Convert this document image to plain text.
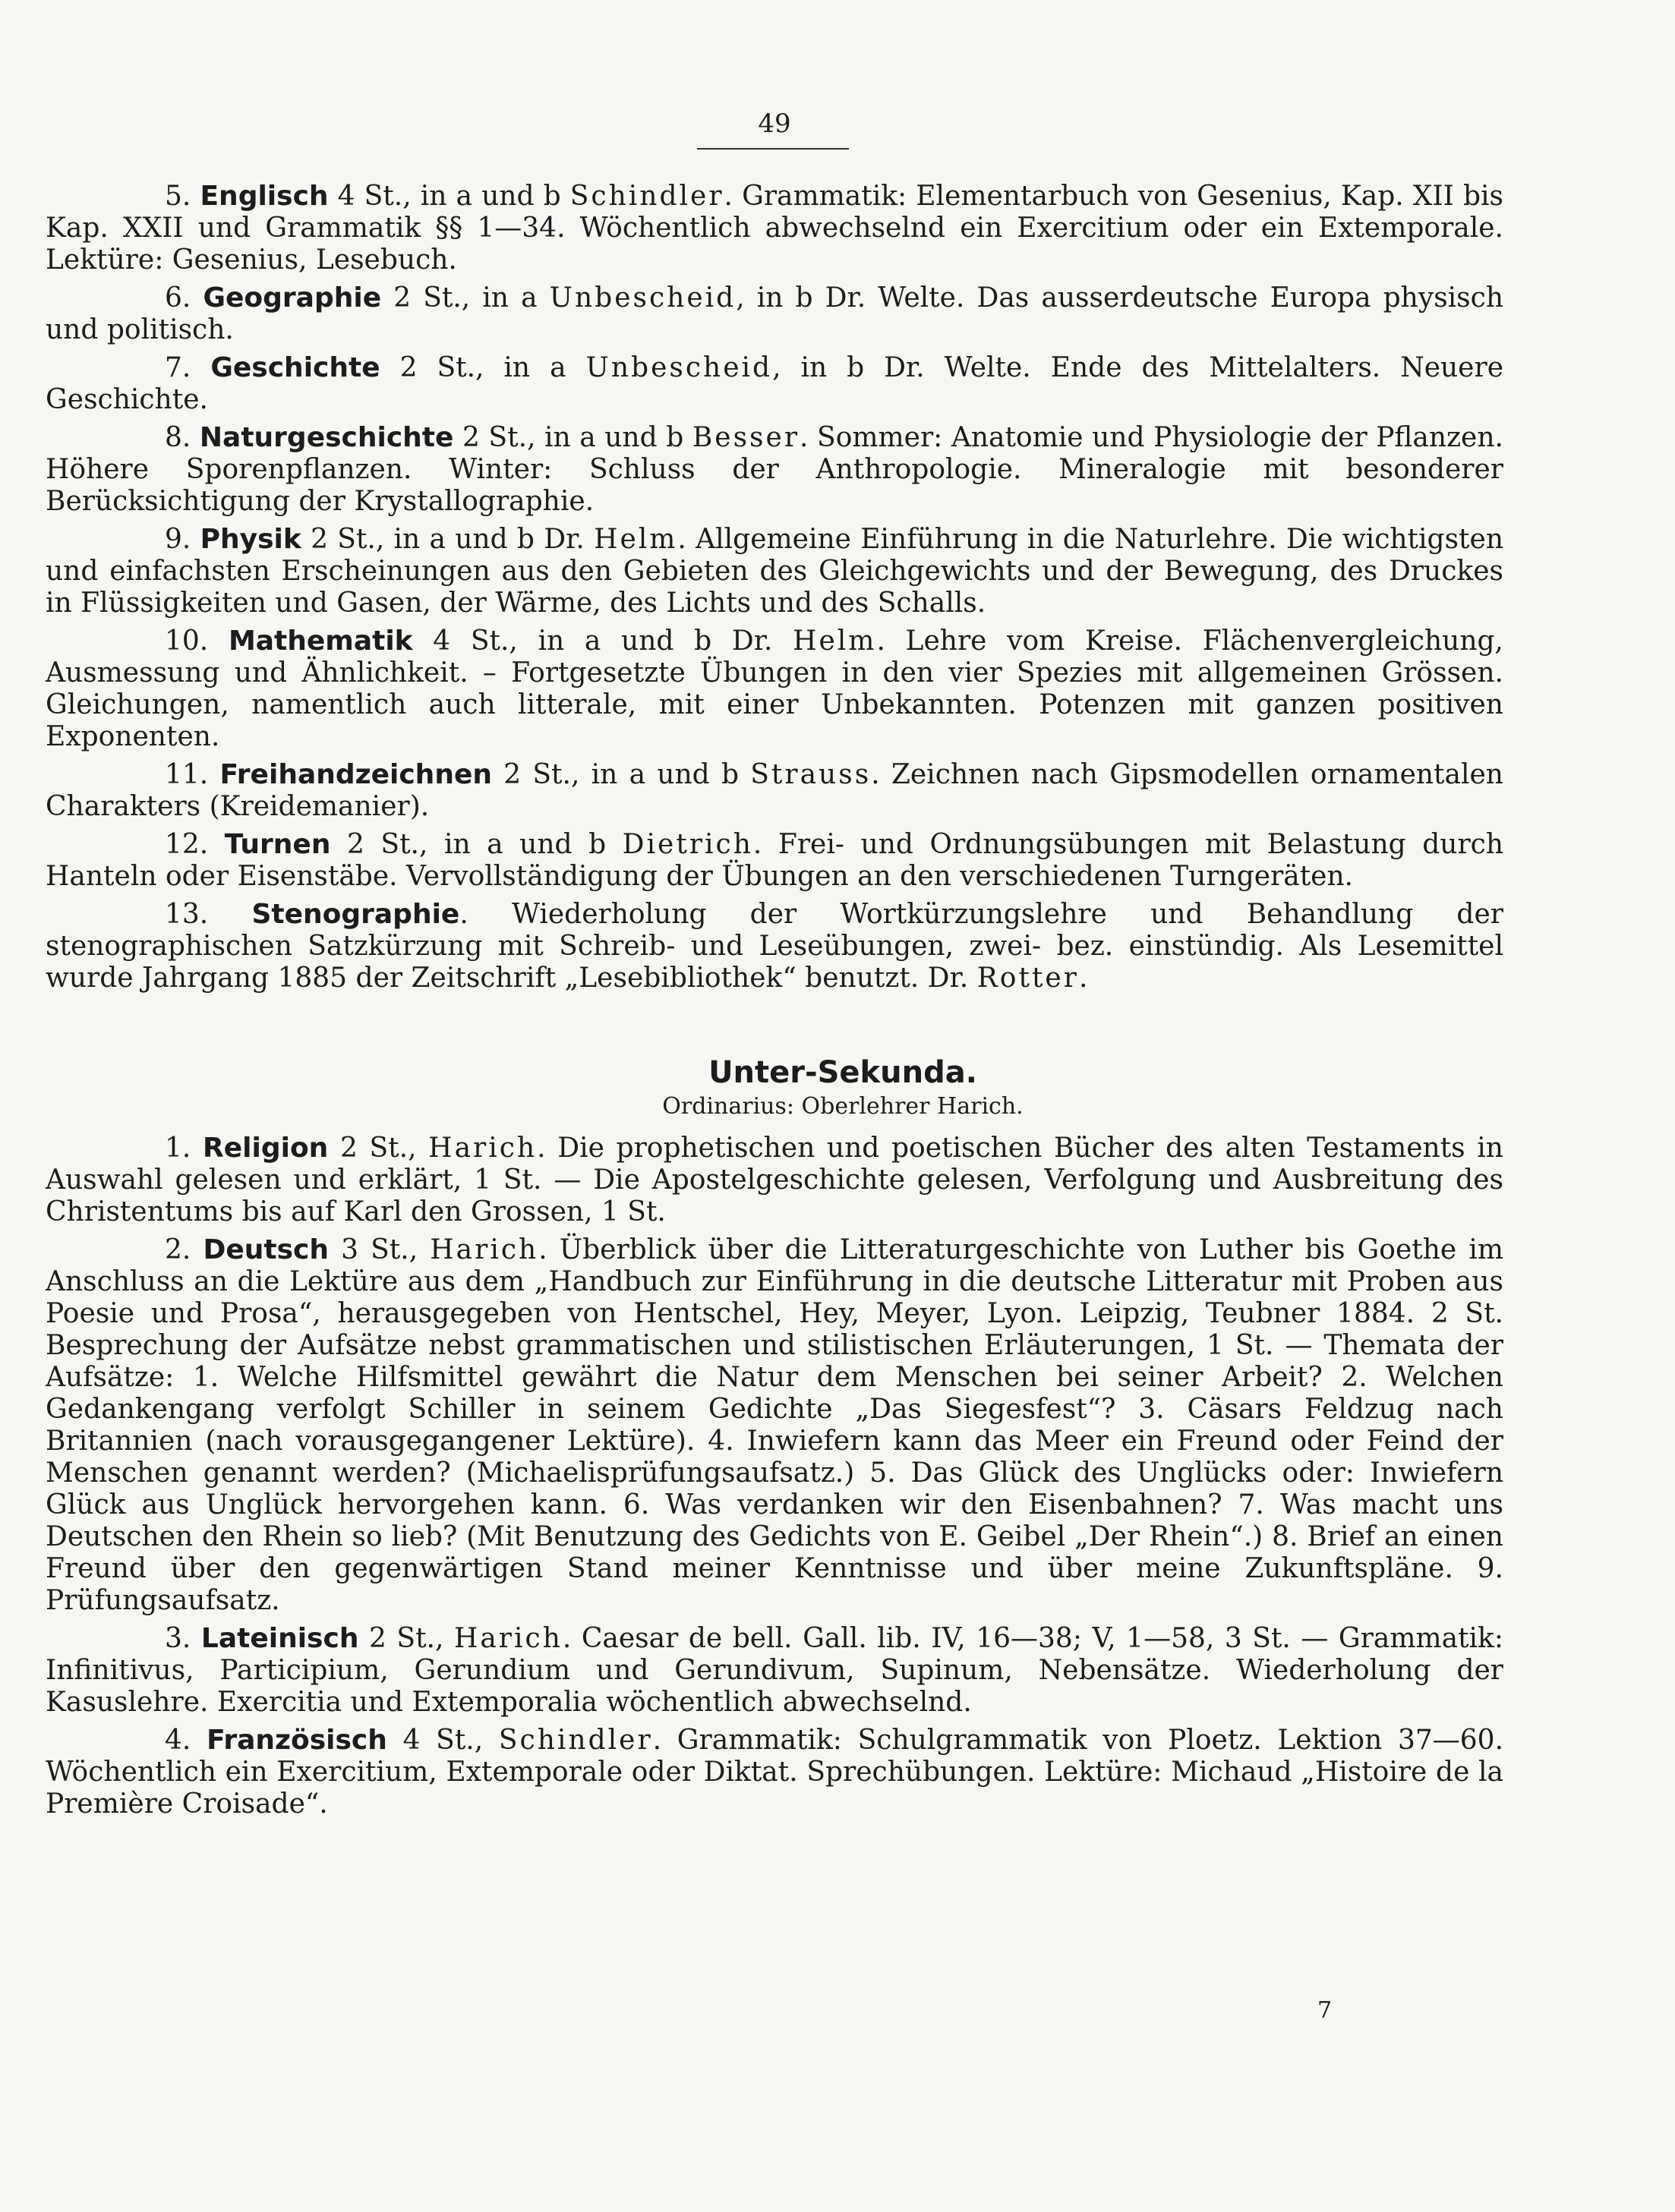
49

5. Englisch 4 St., in a und b Schindler. Grammatik: Elementarbuch von Gesenius, Kap. XII bis Kap. XXII und Grammatik §§ 1—34. Wöchentlich abwechselnd ein Exercitium oder ein Extemporale. Lektüre: Gesenius, Lesebuch.

6. Geographie 2 St., in a Unbescheid, in b Dr. Welte. Das ausserdeutsche Europa physisch und politisch.

7. Geschichte 2 St., in a Unbescheid, in b Dr. Welte. Ende des Mittelalters. Neuere Geschichte.

8. Naturgeschichte 2 St., in a und b Besser. Sommer: Anatomie und Physiologie der Pflanzen. Höhere Sporenpflanzen. Winter: Schluss der Anthropologie. Mineralogie mit besonderer Berücksichtigung der Krystallographie.

9. Physik 2 St., in a und b Dr. Helm. Allgemeine Einführung in die Naturlehre. Die wichtigsten und einfachsten Erscheinungen aus den Gebieten des Gleichgewichts und der Bewegung, des Druckes in Flüssigkeiten und Gasen, der Wärme, des Lichts und des Schalls.

10. Mathematik 4 St., in a und b Dr. Helm. Lehre vom Kreise. Flächenvergleichung, Ausmessung und Ähnlichkeit. – Fortgesetzte Übungen in den vier Spezies mit allgemeinen Grössen. Gleichungen, namentlich auch litterale, mit einer Unbekannten. Potenzen mit ganzen positiven Exponenten.

11. Freihandzeichnen 2 St., in a und b Strauss. Zeichnen nach Gipsmodellen ornamentalen Charakters (Kreidemanier).

12. Turnen 2 St., in a und b Dietrich. Frei- und Ordnungsübungen mit Belastung durch Hanteln oder Eisenstäbe. Vervollständigung der Übungen an den verschiedenen Turngeräten.

13. Stenographie. Wiederholung der Wortkürzungslehre und Behandlung der stenographischen Satzkürzung mit Schreib- und Leseübungen, zwei- bez. einstündig. Als Lesemittel wurde Jahrgang 1885 der Zeitschrift „Lesebibliothek“ benutzt. Dr. Rotter.

Unter-Sekunda.
Ordinarius: Oberlehrer Harich.

1. Religion 2 St., Harich. Die prophetischen und poetischen Bücher des alten Testaments in Auswahl gelesen und erklärt, 1 St. — Die Apostelgeschichte gelesen, Verfolgung und Ausbreitung des Christentums bis auf Karl den Grossen, 1 St.

2. Deutsch 3 St., Harich. Überblick über die Litteraturgeschichte von Luther bis Goethe im Anschluss an die Lektüre aus dem „Handbuch zur Einführung in die deutsche Litteratur mit Proben aus Poesie und Prosa“, herausgegeben von Hentschel, Hey, Meyer, Lyon. Leipzig, Teubner 1884. 2 St. Besprechung der Aufsätze nebst grammatischen und stilistischen Erläuterungen, 1 St. — Themata der Aufsätze: 1. Welche Hilfsmittel gewährt die Natur dem Menschen bei seiner Arbeit? 2. Welchen Gedankengang verfolgt Schiller in seinem Gedichte „Das Siegesfest“? 3. Cäsars Feldzug nach Britannien (nach vorausgegangener Lektüre). 4. Inwiefern kann das Meer ein Freund oder Feind der Menschen genannt werden? (Michaelisprüfungsaufsatz.) 5. Das Glück des Unglücks oder: Inwiefern Glück aus Unglück hervorgehen kann. 6. Was verdanken wir den Eisenbahnen? 7. Was macht uns Deutschen den Rhein so lieb? (Mit Benutzung des Gedichts von E. Geibel „Der Rhein“.) 8. Brief an einen Freund über den gegenwärtigen Stand meiner Kenntnisse und über meine Zukunftspläne. 9. Prüfungsaufsatz.

3. Lateinisch 2 St., Harich. Caesar de bell. Gall. lib. IV, 16—38; V, 1—58, 3 St. — Grammatik: Infinitivus, Participium, Gerundium und Gerundivum, Supinum, Nebensätze. Wiederholung der Kasuslehre. Exercitia und Extemporalia wöchentlich abwechselnd.

4. Französisch 4 St., Schindler. Grammatik: Schulgrammatik von Ploetz. Lektion 37—60. Wöchentlich ein Exercitium, Extemporale oder Diktat. Sprechübungen. Lektüre: Michaud „Histoire de la Première Croisade“.

7
